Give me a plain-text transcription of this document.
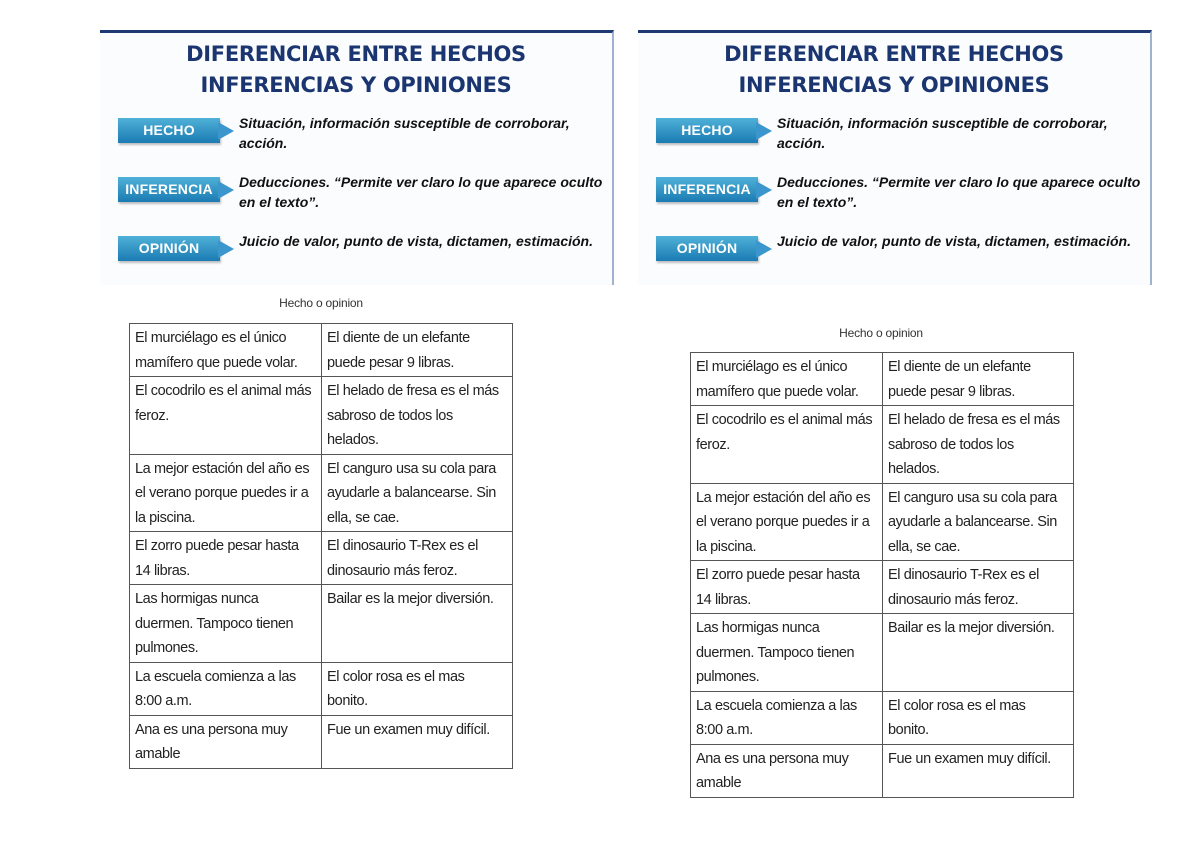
DIFERENCIAR ENTRE HECHOS
INFERENCIAS Y OPINIONES
HECHO	Situación, información susceptible de corroborar, acción.
INFERENCIA	Deducciones. “Permite ver claro lo que aparece oculto en el texto”.
OPINIÓN	Juicio de valor, punto de vista, dictamen, estimación.
Hecho o opinion
El murciélago es el único mamífero que puede volar.	El diente de un elefante puede pesar 9 libras.
El cocodrilo es el animal más feroz.	El helado de fresa es el más sabroso de todos los helados.
La mejor estación del año es el verano porque puedes ir a la piscina.	El canguro usa su cola para ayudarle a balancearse. Sin ella, se cae.
El zorro puede pesar hasta 14 libras.	El dinosaurio T-Rex es el dinosaurio más feroz.
Las hormigas nunca duermen. Tampoco tienen pulmones.	Bailar es la mejor diversión.
La escuela comienza a las 8:00 a.m.	El color rosa es el mas bonito.
Ana es una persona muy amable	Fue un examen muy difícil.
DIFERENCIAR ENTRE HECHOS
INFERENCIAS Y OPINIONES
HECHO	Situación, información susceptible de corroborar, acción.
INFERENCIA	Deducciones. “Permite ver claro lo que aparece oculto en el texto”.
OPINIÓN	Juicio de valor, punto de vista, dictamen, estimación.
Hecho o opinion
El murciélago es el único mamífero que puede volar.	El diente de un elefante puede pesar 9 libras.
El cocodrilo es el animal más feroz.	El helado de fresa es el más sabroso de todos los helados.
La mejor estación del año es el verano porque puedes ir a la piscina.	El canguro usa su cola para ayudarle a balancearse. Sin ella, se cae.
El zorro puede pesar hasta 14 libras.	El dinosaurio T-Rex es el dinosaurio más feroz.
Las hormigas nunca duermen. Tampoco tienen pulmones.	Bailar es la mejor diversión.
La escuela comienza a las 8:00 a.m.	El color rosa es el mas bonito.
Ana es una persona muy amable	Fue un examen muy difícil.
